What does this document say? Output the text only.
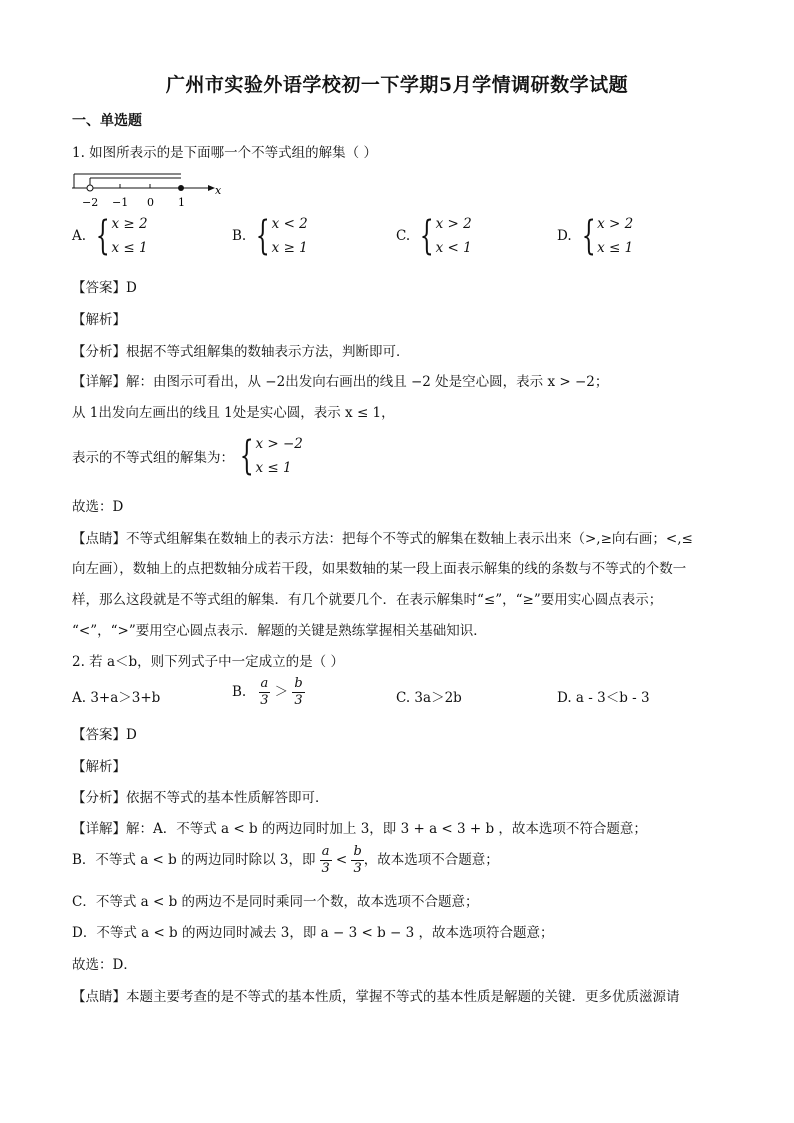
广州市实验外语学校初一下学期5月学情调研数学试题
一、单选题
1. 如图所表示的是下面哪一个不等式组的解集（ ）
x
−2 −1 0 1
A. { x ≥ 2
x ≤ 1
B. { x < 2
x ≥ 1
C. { x > 2
x < 1
D. { x > 2
x ≤ 1
【答案】D
【解析】
【分析】根据不等式组解集的数轴表示方法，判断即可．
【详解】解：由图示可看出，从 −2出发向右画出的线且 −2 处是空心圆，表示 x > −2；
从 1出发向左画出的线且 1处是实心圆，表示 x ≤ 1，
表示的不等式组的解集为： { x > −2
x ≤ 1
故选：D
【点睛】不等式组解集在数轴上的表示方法：把每个不等式的解集在数轴上表示出来（>,≥向右画；<,≤
向左画），数轴上的点把数轴分成若干段，如果数轴的某一段上面表示解集的线的条数与不等式的个数一
样，那么这段就是不等式组的解集．有几个就要几个．在表示解集时“≤”，“≥”要用实心圆点表示；
“<”，“>”要用空心圆点表示．解题的关键是熟练掌握相关基础知识．
2. 若 a＜b，则下列式子中一定成立的是（ ）
A. 3+a＞3+b	B. $\frac{a}{3} > \frac{b}{3}$	C. 3a＞2b	D. a - 3＜b - 3
【答案】D
【解析】
【分析】依据不等式的基本性质解答即可．
【详解】解：A．不等式 a < b 的两边同时加上 3，即 3 + a < 3 + b ，故本选项不符合题意；
B．不等式 a < b 的两边同时除以 3，即 $\frac{a}{3} < \frac{b}{3}$ ，故本选项不合题意；
C．不等式 a < b 的两边不是同时乘同一个数，故本选项不合题意；
D．不等式 a < b 的两边同时减去 3，即 a − 3 < b − 3 ，故本选项符合题意；
故选：D．
【点睛】本题主要考查的是不等式的基本性质，掌握不等式的基本性质是解题的关键．更多优质滋源请
